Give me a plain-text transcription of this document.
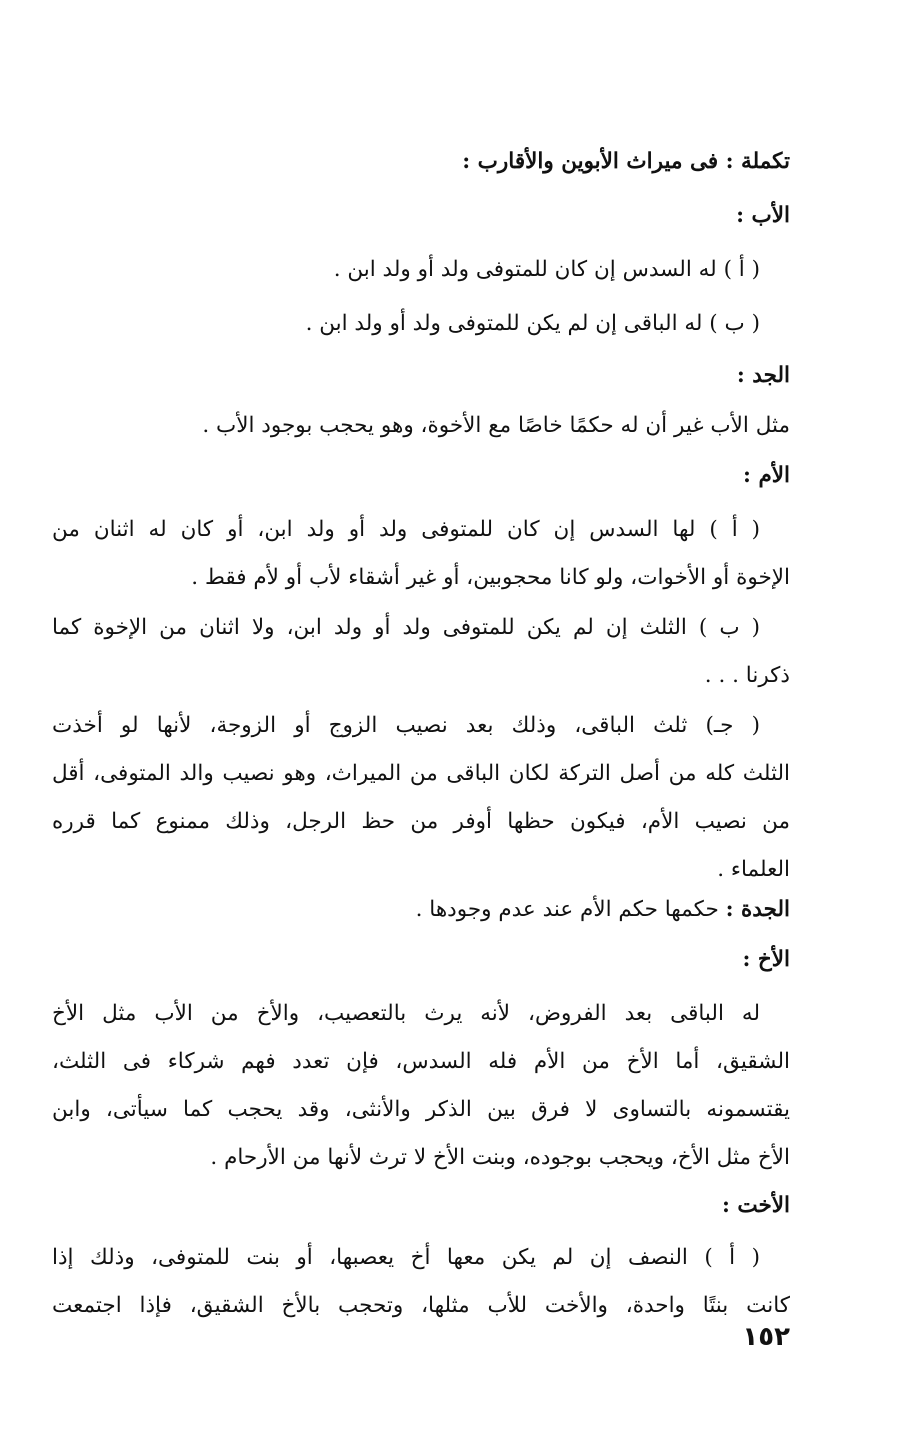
تكملة : فى ميراث الأبوين والأقارب :
الأب :
( أ ) له السدس إن كان للمتوفى ولد أو ولد ابن .
( ب ) له الباقى إن لم يكن للمتوفى ولد أو ولد ابن .
الجد :
مثل الأب غير أن له حكمًا خاصًا مع الأخوة، وهو يحجب بوجود الأب .
الأم :
( أ ) لها السدس إن كان للمتوفى ولد أو ولد ابن، أو كان له اثنان من
الإخوة أو الأخوات، ولو كانا محجوبين، أو غير أشقاء لأب أو لأم فقط .
( ب ) الثلث إن لم يكن للمتوفى ولد أو ولد ابن، ولا اثنان من الإخوة كما
ذكرنا . . .
( جـ) ثلث الباقى، وذلك بعد نصيب الزوج أو الزوجة، لأنها لو أخذت
الثلث كله من أصل التركة لكان الباقى من الميراث، وهو نصيب والد المتوفى، أقل
من نصيب الأم، فيكون حظها أوفر من حظ الرجل، وذلك ممنوع كما قرره
العلماء .
الجدة : حكمها حكم الأم عند عدم وجودها .
الأخ :
له الباقى بعد الفروض، لأنه يرث بالتعصيب، والأخ من الأب مثل الأخ
الشقيق، أما الأخ من الأم فله السدس، فإن تعدد فهم شركاء فى الثلث،
يقتسمونه بالتساوى لا فرق بين الذكر والأنثى، وقد يحجب كما سيأتى، وابن
الأخ مثل الأخ، ويحجب بوجوده، وبنت الأخ لا ترث لأنها من الأرحام .
الأخت :
( أ ) النصف إن لم يكن معها أخ يعصبها، أو بنت للمتوفى، وذلك إذا
كانت بنتًا واحدة، والأخت للأب مثلها، وتحجب بالأخ الشقيق، فإذا اجتمعت
١٥٢
